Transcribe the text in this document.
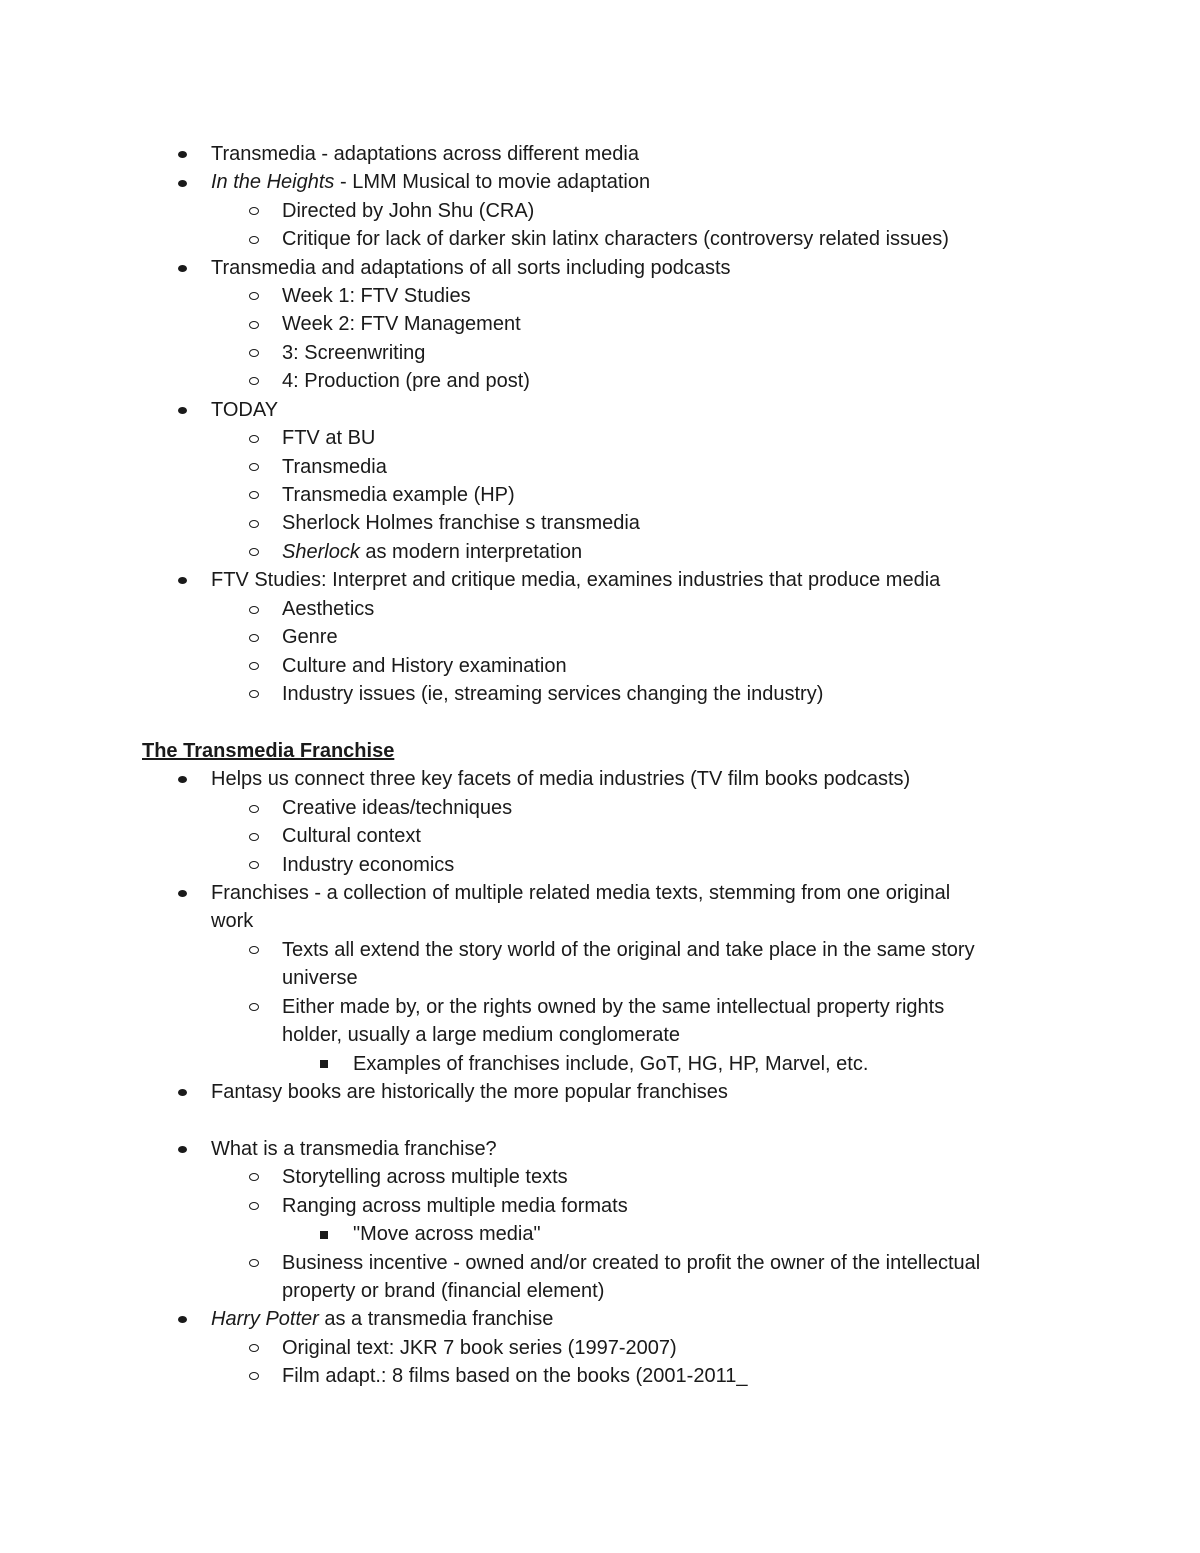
Transmedia - adaptations across different media
In the Heights - LMM Musical to movie adaptation
Directed by John Shu (CRA)
Critique for lack of darker skin latinx characters (controversy related issues)
Transmedia and adaptations of all sorts including podcasts
Week 1: FTV Studies
Week 2: FTV Management
3: Screenwriting
4: Production (pre and post)
TODAY
FTV at BU
Transmedia
Transmedia example (HP)
Sherlock Holmes franchise s transmedia
Sherlock as modern interpretation
FTV Studies: Interpret and critique media, examines industries that produce media
Aesthetics
Genre
Culture and History examination
Industry issues (ie, streaming services changing the industry)
The Transmedia Franchise
Helps us connect three key facets of media industries (TV film books podcasts)
Creative ideas/techniques
Cultural context
Industry economics
Franchises - a collection of multiple related media texts, stemming from one original
work
Texts all extend the story world of the original and take place in the same story
universe
Either made by, or the rights owned by the same intellectual property rights
holder, usually a large medium conglomerate
Examples of franchises include, GoT, HG, HP, Marvel, etc.
Fantasy books are historically the more popular franchises
What is a transmedia franchise?
Storytelling across multiple texts
Ranging across multiple media formats
"Move across media"
Business incentive - owned and/or created to profit the owner of the intellectual
property or brand (financial element)
Harry Potter as a transmedia franchise
Original text: JKR 7 book series (1997-2007)
Film adapt.: 8 films based on the books (2001-2011_
